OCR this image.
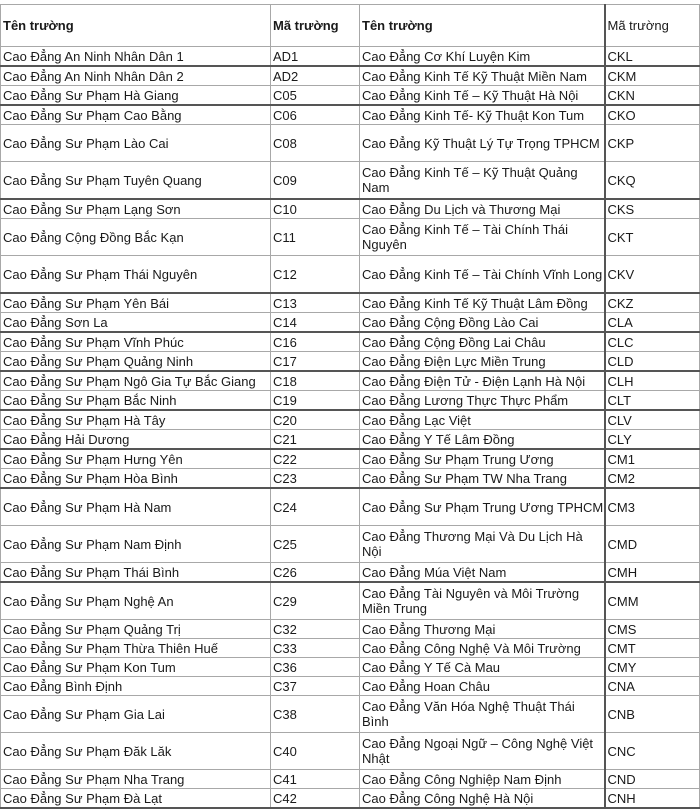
Tên trường	Mã trường	Tên trường	Mã trường
Cao Đẳng An Ninh Nhân Dân 1	AD1	Cao Đẳng Cơ Khí Luyện Kim	CKL
Cao Đẳng An Ninh Nhân Dân 2	AD2	Cao Đẳng Kinh Tế Kỹ Thuật Miền Nam	CKM
Cao Đẳng Sư Phạm Hà Giang	C05	Cao Đẳng Kinh Tế – Kỹ Thuật Hà Nội	CKN
Cao Đẳng Sư Phạm Cao Bằng	C06	Cao Đẳng Kinh Tế- Kỹ Thuật Kon Tum	CKO
Cao Đẳng Sư Phạm Lào Cai	C08	Cao Đẳng Kỹ Thuật Lý Tự Trọng TPHCM	CKP
Cao Đẳng Sư Phạm Tuyên Quang	C09	Cao Đẳng Kinh Tế – Kỹ Thuật Quảng Nam	CKQ
Cao Đẳng Sư Phạm Lạng Sơn	C10	Cao Đẳng Du Lịch và Thương Mại	CKS
Cao Đẳng Cộng Đồng Bắc Kạn	C11	Cao Đẳng Kinh Tế – Tài Chính Thái Nguyên	CKT
Cao Đẳng Sư Phạm Thái Nguyên	C12	Cao Đẳng Kinh Tế – Tài Chính Vĩnh Long	CKV
Cao Đẳng Sư Phạm Yên Bái	C13	Cao Đẳng Kinh Tế Kỹ Thuật Lâm Đồng	CKZ
Cao Đẳng Sơn La	C14	Cao Đẳng Cộng Đồng Lào Cai	CLA
Cao Đẳng Sư Phạm Vĩnh Phúc	C16	Cao Đẳng Cộng Đồng Lai Châu	CLC
Cao Đẳng Sư Phạm Quảng Ninh	C17	Cao Đẳng Điện Lực Miền Trung	CLD
Cao Đẳng Sư Phạm Ngô Gia Tự Bắc Giang	C18	Cao Đẳng Điện Tử - Điện Lạnh Hà Nội	CLH
Cao Đẳng Sư Phạm Bắc Ninh	C19	Cao Đẳng Lương Thực Thực Phẩm	CLT
Cao Đẳng Sư Phạm Hà Tây	C20	Cao Đẳng Lạc Việt	CLV
Cao Đẳng Hải Dương	C21	Cao Đẳng Y Tế Lâm Đồng	CLY
Cao Đẳng Sư Phạm Hưng Yên	C22	Cao Đẳng Sư Phạm Trung Ương	CM1
Cao Đẳng Sư Phạm Hòa Bình	C23	Cao Đẳng Sư Phạm TW Nha Trang	CM2
Cao Đẳng Sư Phạm Hà Nam	C24	Cao Đẳng Sư Phạm Trung Ương TPHCM	CM3
Cao Đẳng Sư Phạm Nam Định	C25	Cao Đẳng Thương Mại Và Du Lịch Hà Nội	CMD
Cao Đẳng Sư Phạm Thái Bình	C26	Cao Đẳng Múa Việt Nam	CMH
Cao Đẳng Sư Phạm Nghệ An	C29	Cao Đẳng Tài Nguyên và Môi Trường Miền Trung	CMM
Cao Đẳng Sư Phạm Quảng Trị	C32	Cao Đẳng Thương Mại	CMS
Cao Đẳng Sư Phạm Thừa Thiên Huế	C33	Cao Đẳng Công Nghệ Và Môi Trường	CMT
Cao Đẳng Sư Phạm Kon Tum	C36	Cao Đẳng Y Tế Cà Mau	CMY
Cao Đẳng Bình Định	C37	Cao Đẳng Hoan Châu	CNA
Cao Đẳng Sư Phạm Gia Lai	C38	Cao Đẳng Văn Hóa Nghệ Thuật Thái Bình	CNB
Cao Đẳng Sư Phạm Đăk Lăk	C40	Cao Đẳng Ngoại Ngữ – Công Nghệ Việt Nhật	CNC
Cao Đẳng Sư Phạm Nha Trang	C41	Cao Đẳng Công Nghiệp Nam Định	CND
Cao Đẳng Sư Phạm Đà Lạt	C42	Cao Đẳng Công Nghệ Hà Nội	CNH
